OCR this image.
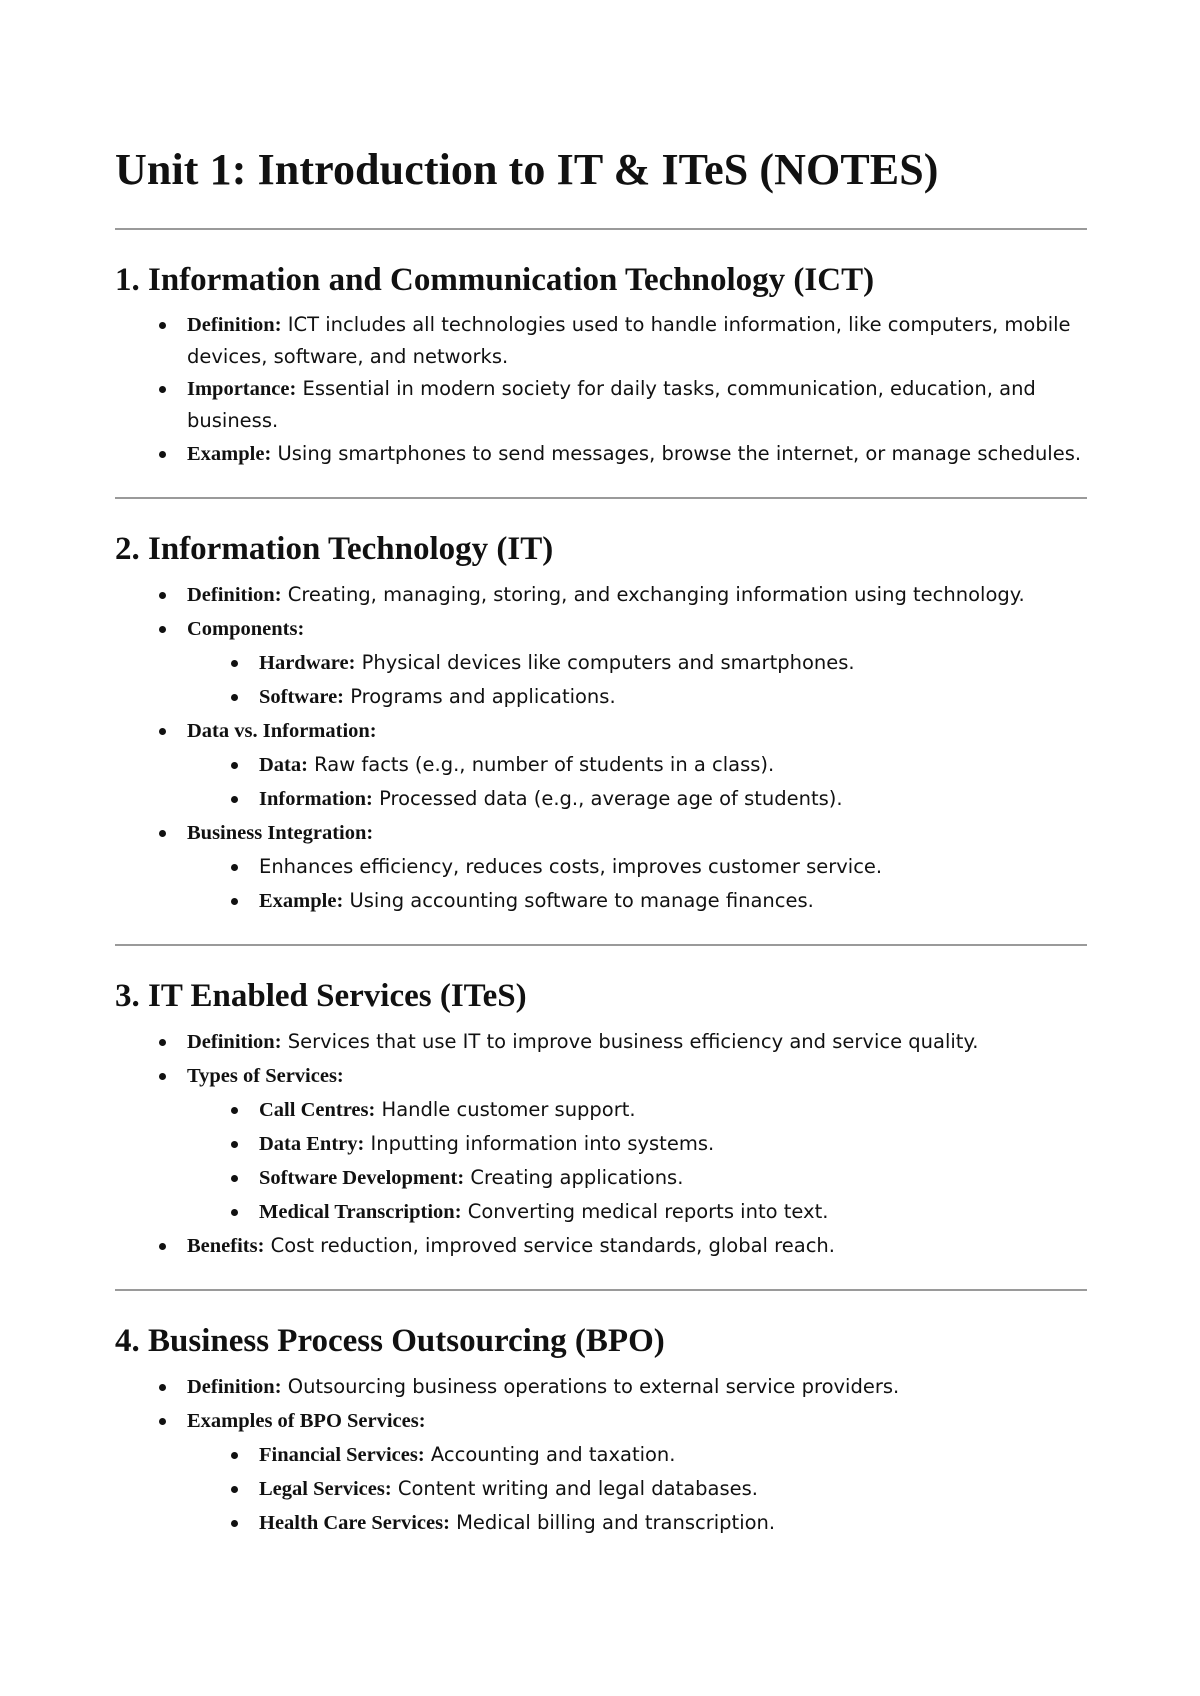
Unit 1: Introduction to IT & ITeS (NOTES)
1. Information and Communication Technology (ICT)
Definition: ICT includes all technologies used to handle information, like computers, mobile devices, software, and networks.
Importance: Essential in modern society for daily tasks, communication, education, and business.
Example: Using smartphones to send messages, browse the internet, or manage schedules.
2. Information Technology (IT)
Definition: Creating, managing, storing, and exchanging information using technology.
Components:
Hardware: Physical devices like computers and smartphones.
Software: Programs and applications.
Data vs. Information:
Data: Raw facts (e.g., number of students in a class).
Information: Processed data (e.g., average age of students).
Business Integration:
Enhances efficiency, reduces costs, improves customer service.
Example: Using accounting software to manage finances.
3. IT Enabled Services (ITeS)
Definition: Services that use IT to improve business efficiency and service quality.
Types of Services:
Call Centres: Handle customer support.
Data Entry: Inputting information into systems.
Software Development: Creating applications.
Medical Transcription: Converting medical reports into text.
Benefits: Cost reduction, improved service standards, global reach.
4. Business Process Outsourcing (BPO)
Definition: Outsourcing business operations to external service providers.
Examples of BPO Services:
Financial Services: Accounting and taxation.
Legal Services: Content writing and legal databases.
Health Care Services: Medical billing and transcription.
